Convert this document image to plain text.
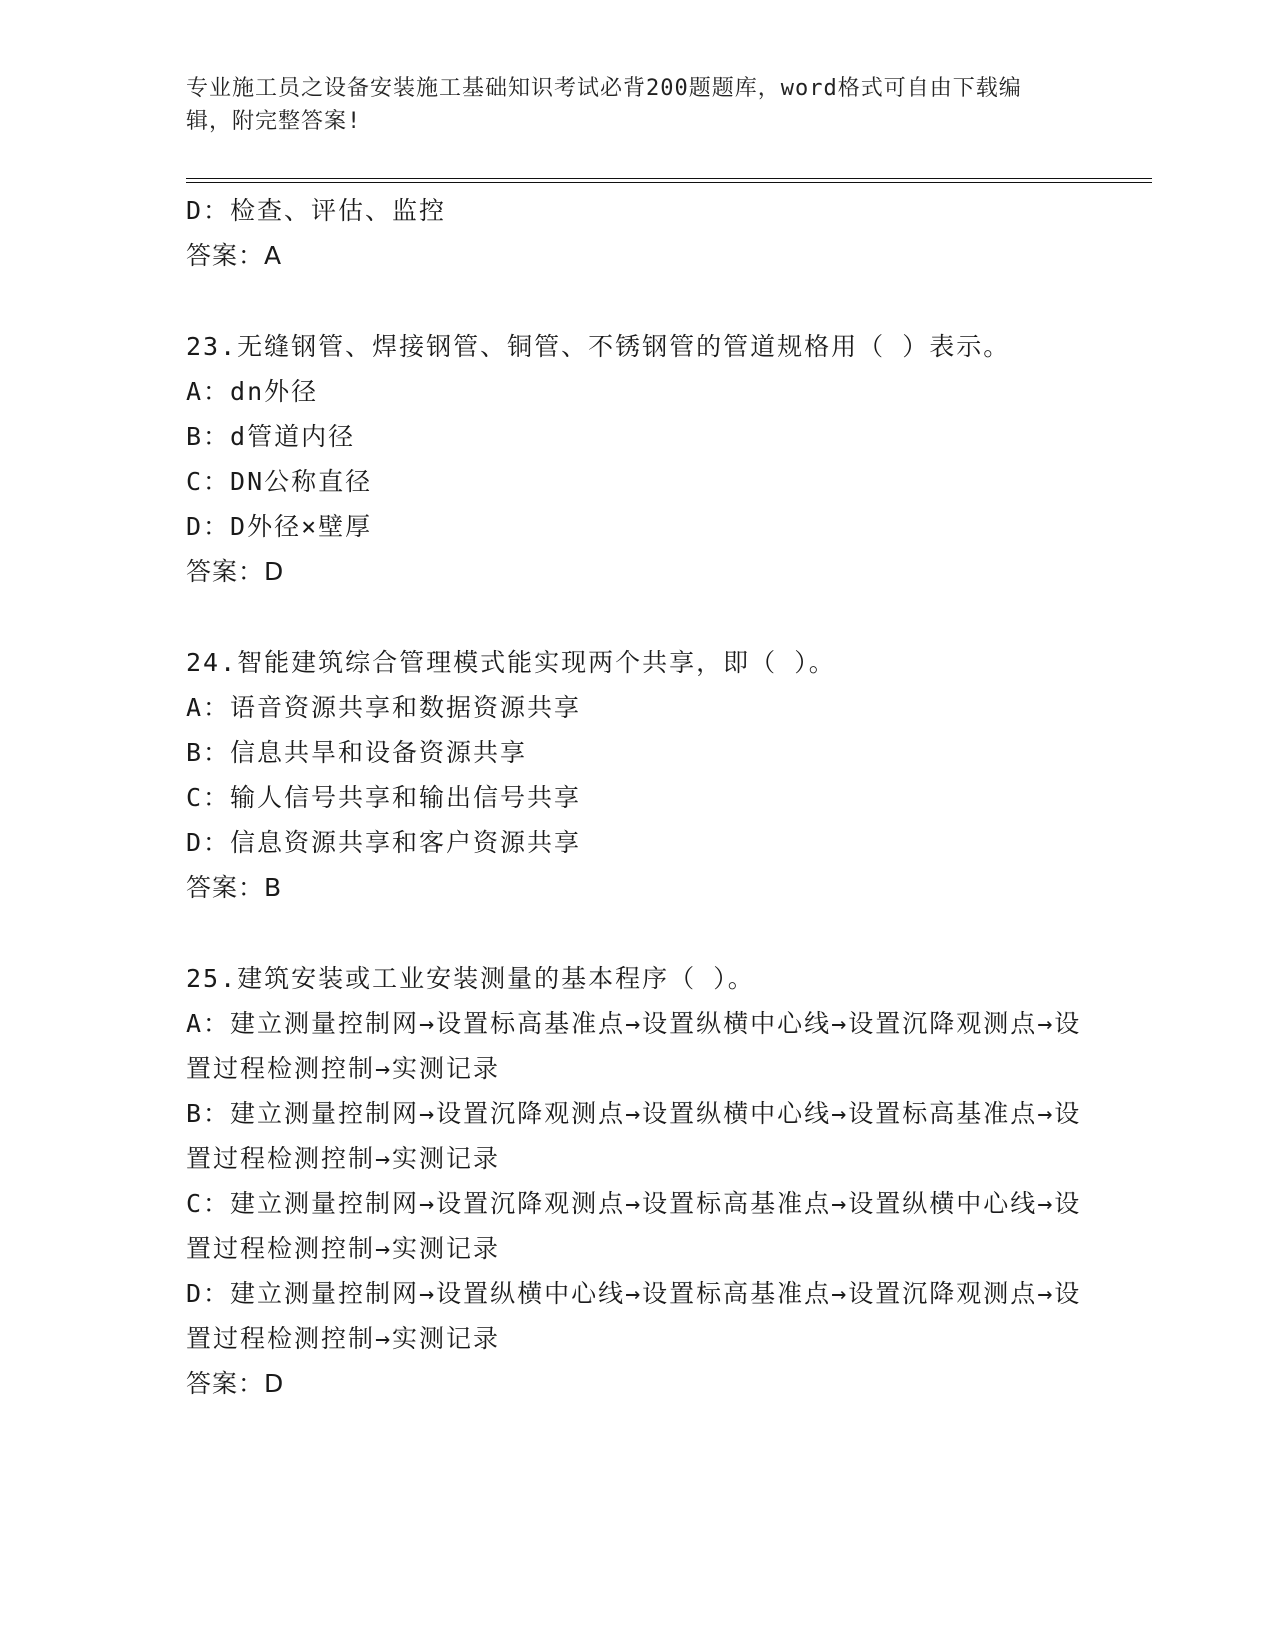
专业施工员之设备安装施工基础知识考试必背200题题库，word格式可自由下载编辑，附完整答案!
D：检查、评估、监控
答案：A
23.无缝钢管、焊接钢管、铜管、不锈钢管的管道规格用（ ）表示。
A：dn外径
B：d管道内径
C：DN公称直径
D：D外径×壁厚
答案：D
24.智能建筑综合管理模式能实现两个共享，即（ ）。
A：语音资源共享和数据资源共享
B：信息共旱和设备资源共享
C：输人信号共享和输出信号共享
D：信息资源共享和客户资源共享
答案：B
25.建筑安装或工业安装测量的基本程序（ ）。
A：建立测量控制网→设置标高基准点→设置纵横中心线→设置沉降观测点→设置过程检测控制→实测记录
B：建立测量控制网→设置沉降观测点→设置纵横中心线→设置标高基准点→设置过程检测控制→实测记录
C：建立测量控制网→设置沉降观测点→设置标高基准点→设置纵横中心线→设置过程检测控制→实测记录
D：建立测量控制网→设置纵横中心线→设置标高基准点→设置沉降观测点→设置过程检测控制→实测记录
答案：D
